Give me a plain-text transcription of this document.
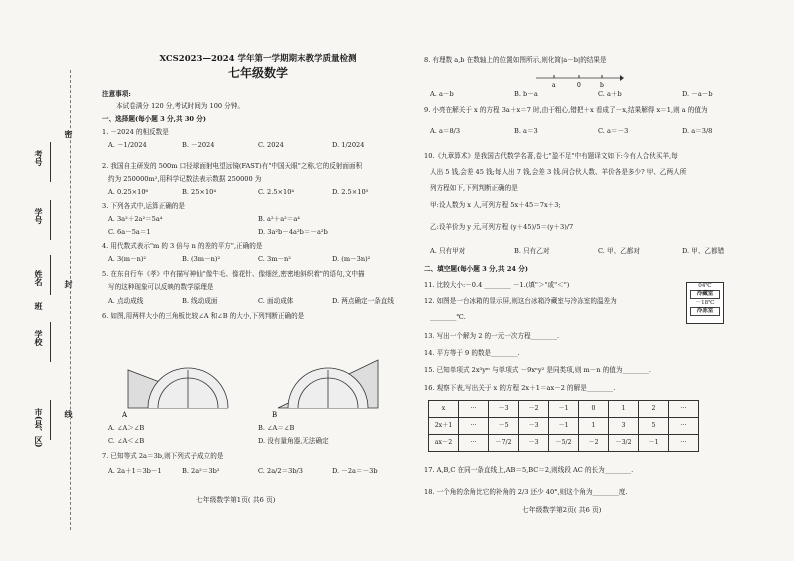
考号
学号
姓名
班
学校
市(县、区)
密
封
线
XCS2023—2024 学年第一学期期末教学质量检测
七年级数学
注意事项:
本试卷满分 120 分,考试时间为 100 分钟。
一、选择题(每小题 3 分,共 30 分)
1. －2024 的相反数是
A. －1/2024	B. －2024	C. 2024	D. 1/2024
2. 我国自主研发的 500m 口径球面射电望远镜(FAST)有"中国天眼"之称,它的反射面面积
约为 250000m²,用科学记数法表示数据 250000 为
A. 0.25×10⁶	B. 25×10⁴	C. 2.5×10⁴	D. 2.5×10⁵
3. 下列各式中,运算正确的是
A. 3a²＋2a²＝5a⁴	B. a²＋a²＝a⁴
C. 6a－5a＝1	D. 3a²b－4a²b＝－a²b
4. 用代数式表示"m 的 3 倍与 n 的差的平方",正确的是
A. 3(m－n)²	B. (3m－n)²	C. 3m－n²	D. (m－3n)²
5. 在东自行车《孝》中有描写神仙"像牛毛、像花针、像细丝,密密地斜织着"的语句,文中描
写的这种现象可以反映的数学原理是
A. 点动成线	B. 线动成面	C. 面动成体	D. 两点确定一条直线
6. 如图,用两样大小的三角板比较∠A 和∠B 的大小,下列判断正确的是
A	B
A. ∠A＞∠B	B. ∠A＝∠B
C. ∠A＜∠B	D. 没有量角器,无法确定
7. 已知等式 2a＝3b,则下列式子成立的是
A. 2a＋1＝3b－1	B. 2a²＝3b²	C. 2a/2＝3b/3	D. －2a＝－3b
七年级数学第1页( 共6 页)
8. 有理数 a,b 在数轴上的位置如图所示,则化简|a－b|的结果是
a	0	b
A. a－b	B. b－a	C. a＋b	D. －a－b
9. 小亮在解关于 x 的方程 3a＋x＝7 时,由于粗心,错把＋x 看成了－x,结果解得 x＝1,则 a 的值为
A. a＝8/3	B. a＝3	C. a＝－3	D. a＝3/8
10.《九章算术》是我国古代数学名著,卷七"盈不足"中有题译文如下:今有人合伙买羊,每
人出 5 钱,会差 45 钱;每人出 7 钱,会差 3 钱.问合伙人数、羊价各是多少? 甲、乙两人所
列方程如下,下列判断正确的是
甲:设人数为 x 人,可列方程 5x＋45＝7x＋3;
乙:设羊价为 y 元,可列方程 (y＋45)/5＝(y＋3)/7
A. 只有甲对	B. 只有乙对	C. 甲、乙都对	D. 甲、乙都错
二、填空题(每小题 3 分,共 24 分)
11. 比较大小:－0.4 ________ －1.(填"＞"或"＜")
12. 如图是一台冰箱的显示屏,则这台冰箱冷藏室与冷冻室的温差为
________℃.
13. 写出一个解为 2 的一元一次方程________.
14. 平方等于 9 的数是________.
15. 已知单项式 2x³yᵐ 与单项式 －9xⁿy² 是同类项,则 m－n 的值为________.
16. 观察下表,写出关于 x 的方程 2x＋1＝ax－2 的解是________.
x	···	－3	－2	－1	0	1	2	···
2x＋1	···	－5	－3	－1	1	3	5	···
ax－2	···	－7/2	－3	－5/2	－2	－3/2	－1	···
17. A,B,C 在同一条直线上,AB＝5,BC＝2,则线段 AC 的长为________.
18. 一个角的余角比它的补角的 2/3 还少 40°,则这个角为________度.
七年级数学第2页( 共6 页)
04℃
冷藏室
－18℃
冷冻室
